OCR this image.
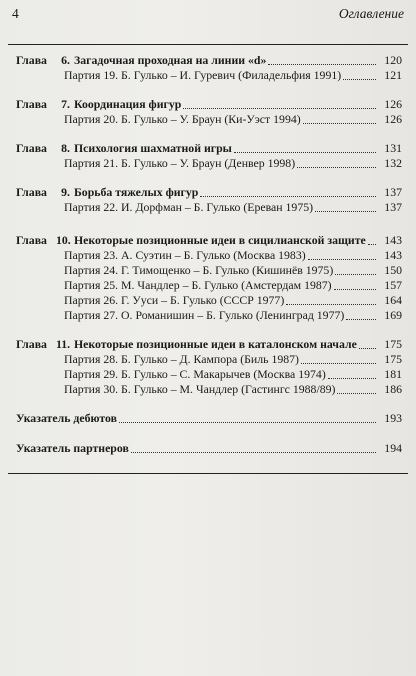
4	Оглавление
Глава	6. Загадочная проходная на линии «d»	120
Партия 19. Б. Гулько – И. Гуревич (Филадельфия 1991)	121
Глава	7. Координация фигур	126
Партия 20. Б. Гулько – У. Браун (Ки-Уэст 1994)	126
Глава	8. Психология шахматной игры	131
Партия 21. Б. Гулько – У. Браун (Денвер 1998)	132
Глава	9. Борьба тяжелых фигур	137
Партия 22. И. Дорфман – Б. Гулько (Ереван 1975)	137
Глава 10. Некоторые позиционные идеи в сицилианской защите	143
Партия 23. А. Суэтин – Б. Гулько (Москва 1983)	143
Партия 24. Г. Тимощенко – Б. Гулько (Кишинёв 1975)	150
Партия 25. М. Чандлер – Б. Гулько (Амстердам 1987)	157
Партия 26. Г. Ууси – Б. Гулько (СССР 1977)	164
Партия 27. О. Романишин – Б. Гулько (Ленинград 1977)	169
Глава 11. Некоторые позиционные идеи в каталонском начале	175
Партия 28. Б. Гулько – Д. Кампора (Биль 1987)	175
Партия 29. Б. Гулько – С. Макарычев (Москва 1974)	181
Партия 30. Б. Гулько – М. Чандлер (Гастингс 1988/89)	186
Указатель дебютов	193
Указатель партнеров	194
